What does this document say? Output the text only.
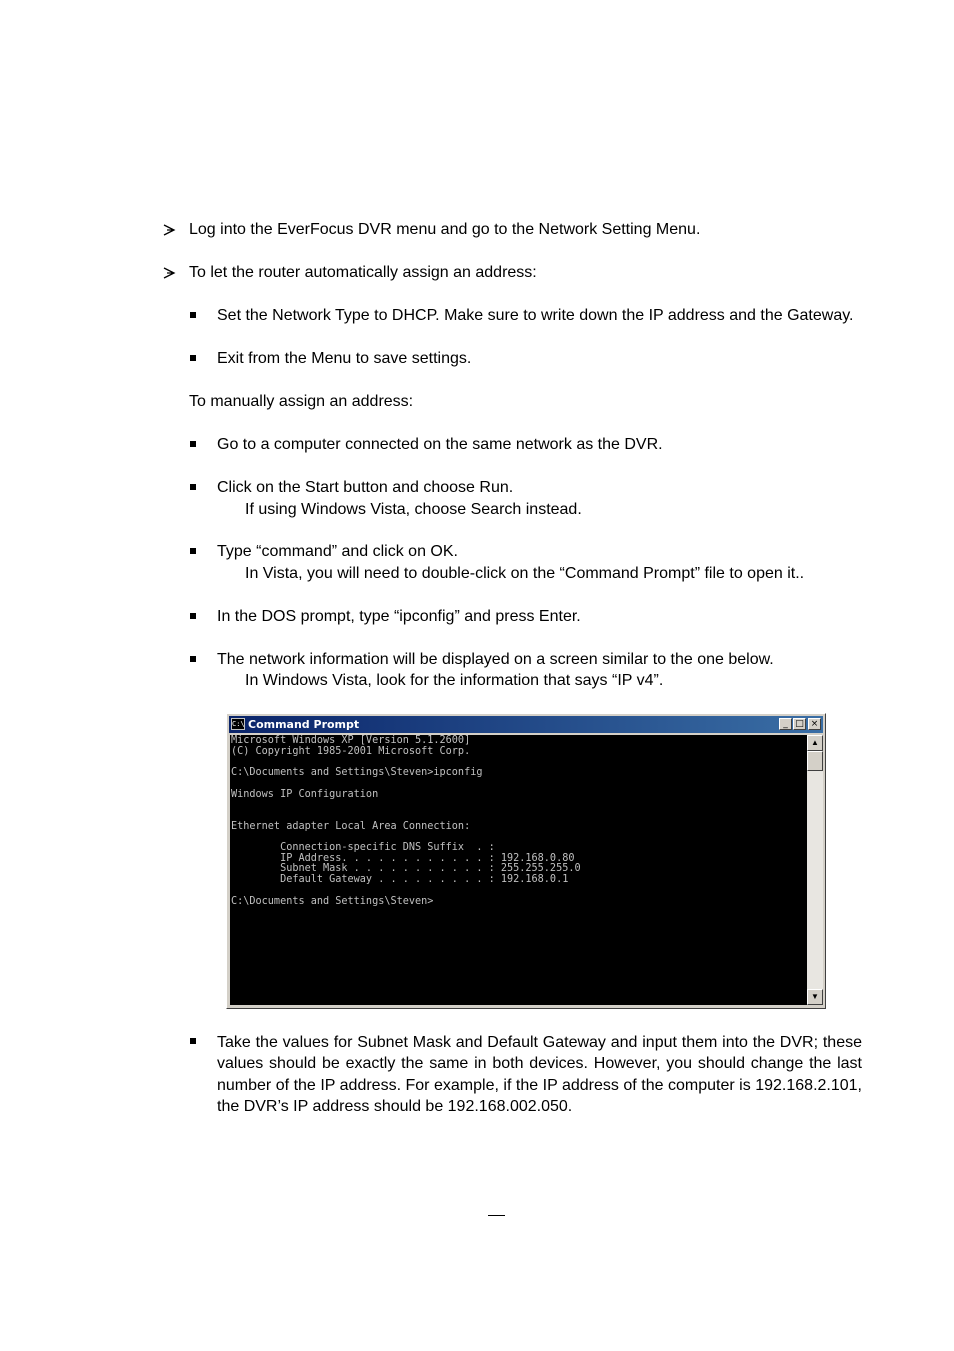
Log into the EverFocus DVR menu and go to the Network Setting Menu.
To let the router automatically assign an address:
Set the Network Type to DHCP. Make sure to write down the IP address and the Gateway.
Exit from the Menu to save settings.
To manually assign an address:
Go to a computer connected on the same network as the DVR.
Click on the Start button and choose Run.
If using Windows Vista, choose Search instead.
Type “command” and click on OK.
In Vista, you will need to double-click on the “Command Prompt” file to open it..
In the DOS prompt, type “ipconfig” and press Enter.
The network information will be displayed on a screen similar to the one below.
In Windows Vista, look for the information that says “IP v4”.
C:\ Command Prompt	_ □ ×
Microsoft Windows XP [Version 5.1.2600]
(C) Copyright 1985-2001 Microsoft Corp.

C:\Documents and Settings\Steven>ipconfig

Windows IP Configuration

Ethernet adapter Local Area Connection:

Connection-specific DNS Suffix  . :
IP Address. . . . . . . . . . . . : 192.168.0.80
Subnet Mask . . . . . . . . . . . : 255.255.255.0
Default Gateway . . . . . . . . . : 192.168.0.1

C:\Documents and Settings\Steven>
▲
▼
Take the values for Subnet Mask and Default Gateway and input them into the DVR; these values should be exactly the same in both devices. However, you should change the last number of the IP address. For example, if the IP address of the computer is 192.168.2.101, the DVR’s IP address should be 192.168.002.050.
